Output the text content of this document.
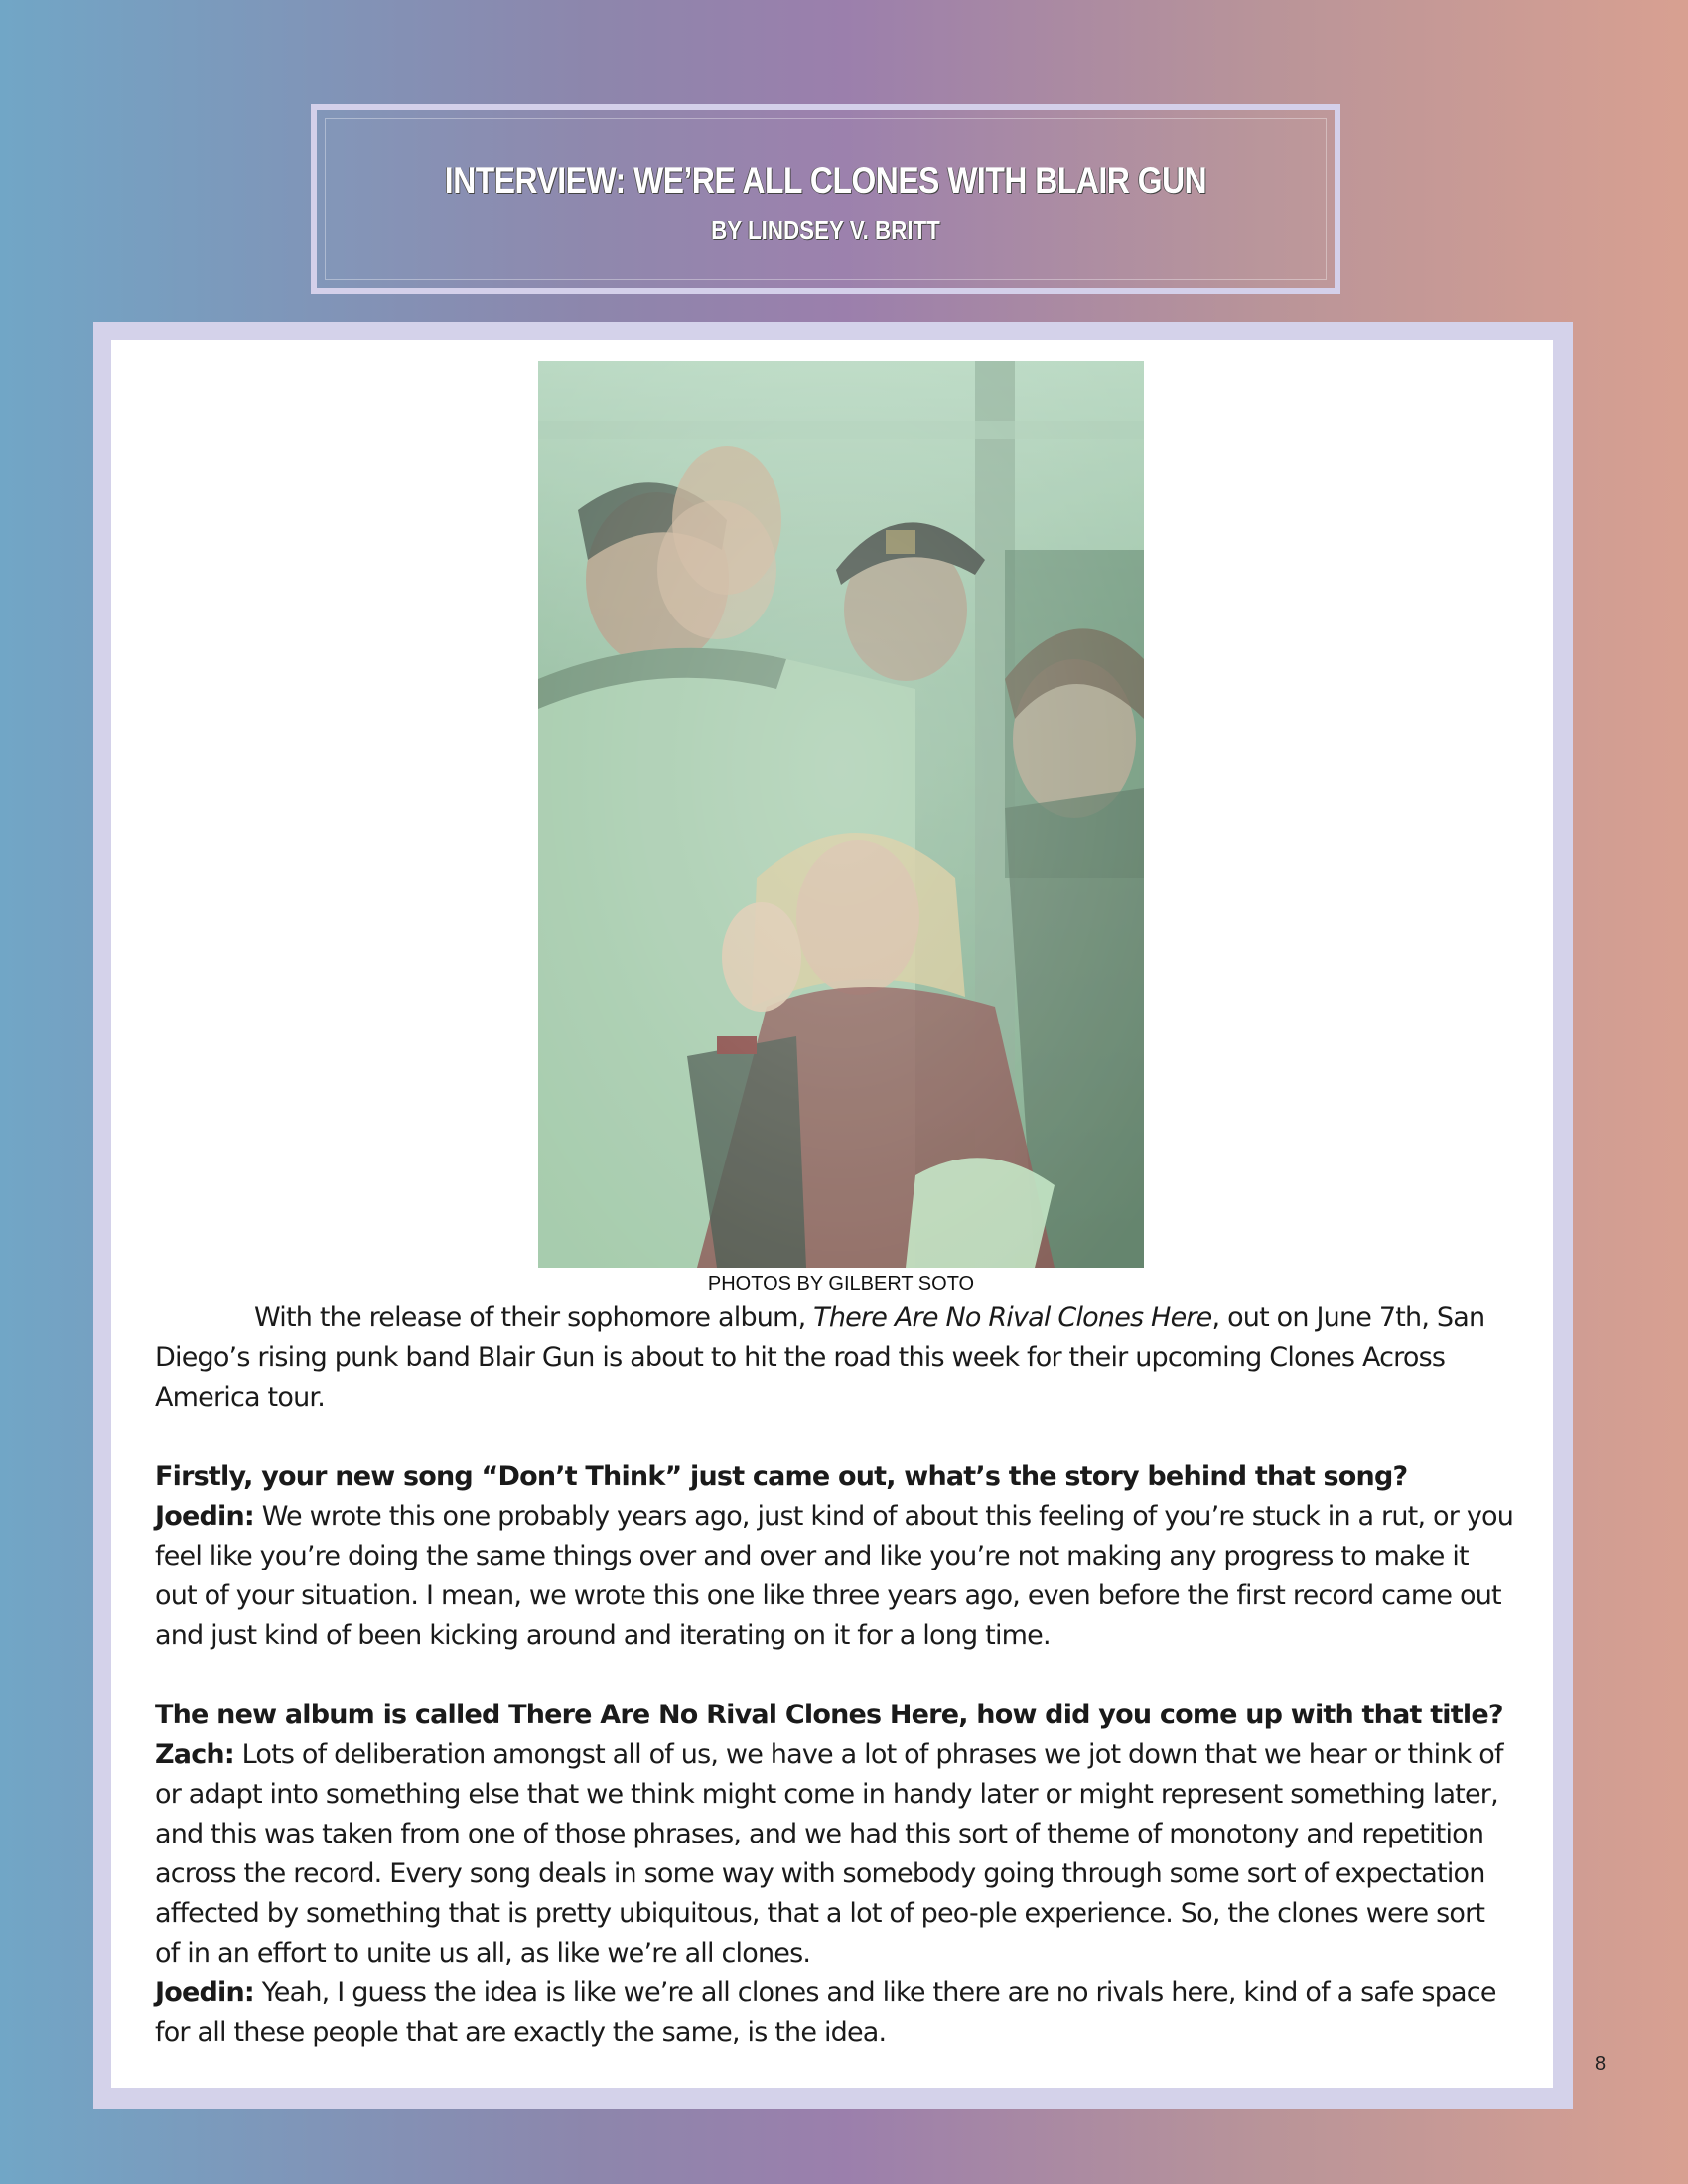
INTERVIEW: WE’RE ALL CLONES WITH BLAIR GUN
BY LINDSEY V. BRITT
PHOTOS BY GILBERT SOTO

With the release of their sophomore album, There Are No Rival Clones Here, out on June 7th, San Diego’s rising punk band Blair Gun is about to hit the road this week for their upcoming Clones Across America tour.

Firstly, your new song “Don’t Think” just came out, what’s the story behind that song?

Joedin: We wrote this one probably years ago, just kind of about this feeling of you’re stuck in a rut, or you feel like you’re doing the same things over and over and like you’re not making any progress to make it out of your situation. I mean, we wrote this one like three years ago, even before the first record came out and just kind of been kicking around and iterating on it for a long time.

The new album is called There Are No Rival Clones Here, how did you come up with that title?

Zach: Lots of deliberation amongst all of us, we have a lot of phrases we jot down that we hear or think of or adapt into something else that we think might come in handy later or might represent something later, and this was taken from one of those phrases, and we had this sort of theme of monotony and repetition across the record. Every song deals in some way with somebody going through some sort of expectation affected by something that is pretty ubiquitous, that a lot of peo-ple experience. So, the clones were sort of in an effort to unite us all, as like we’re all clones.

Joedin: Yeah, I guess the idea is like we’re all clones and like there are no rivals here, kind of a safe space for all these people that are exactly the same, is the idea.

8
